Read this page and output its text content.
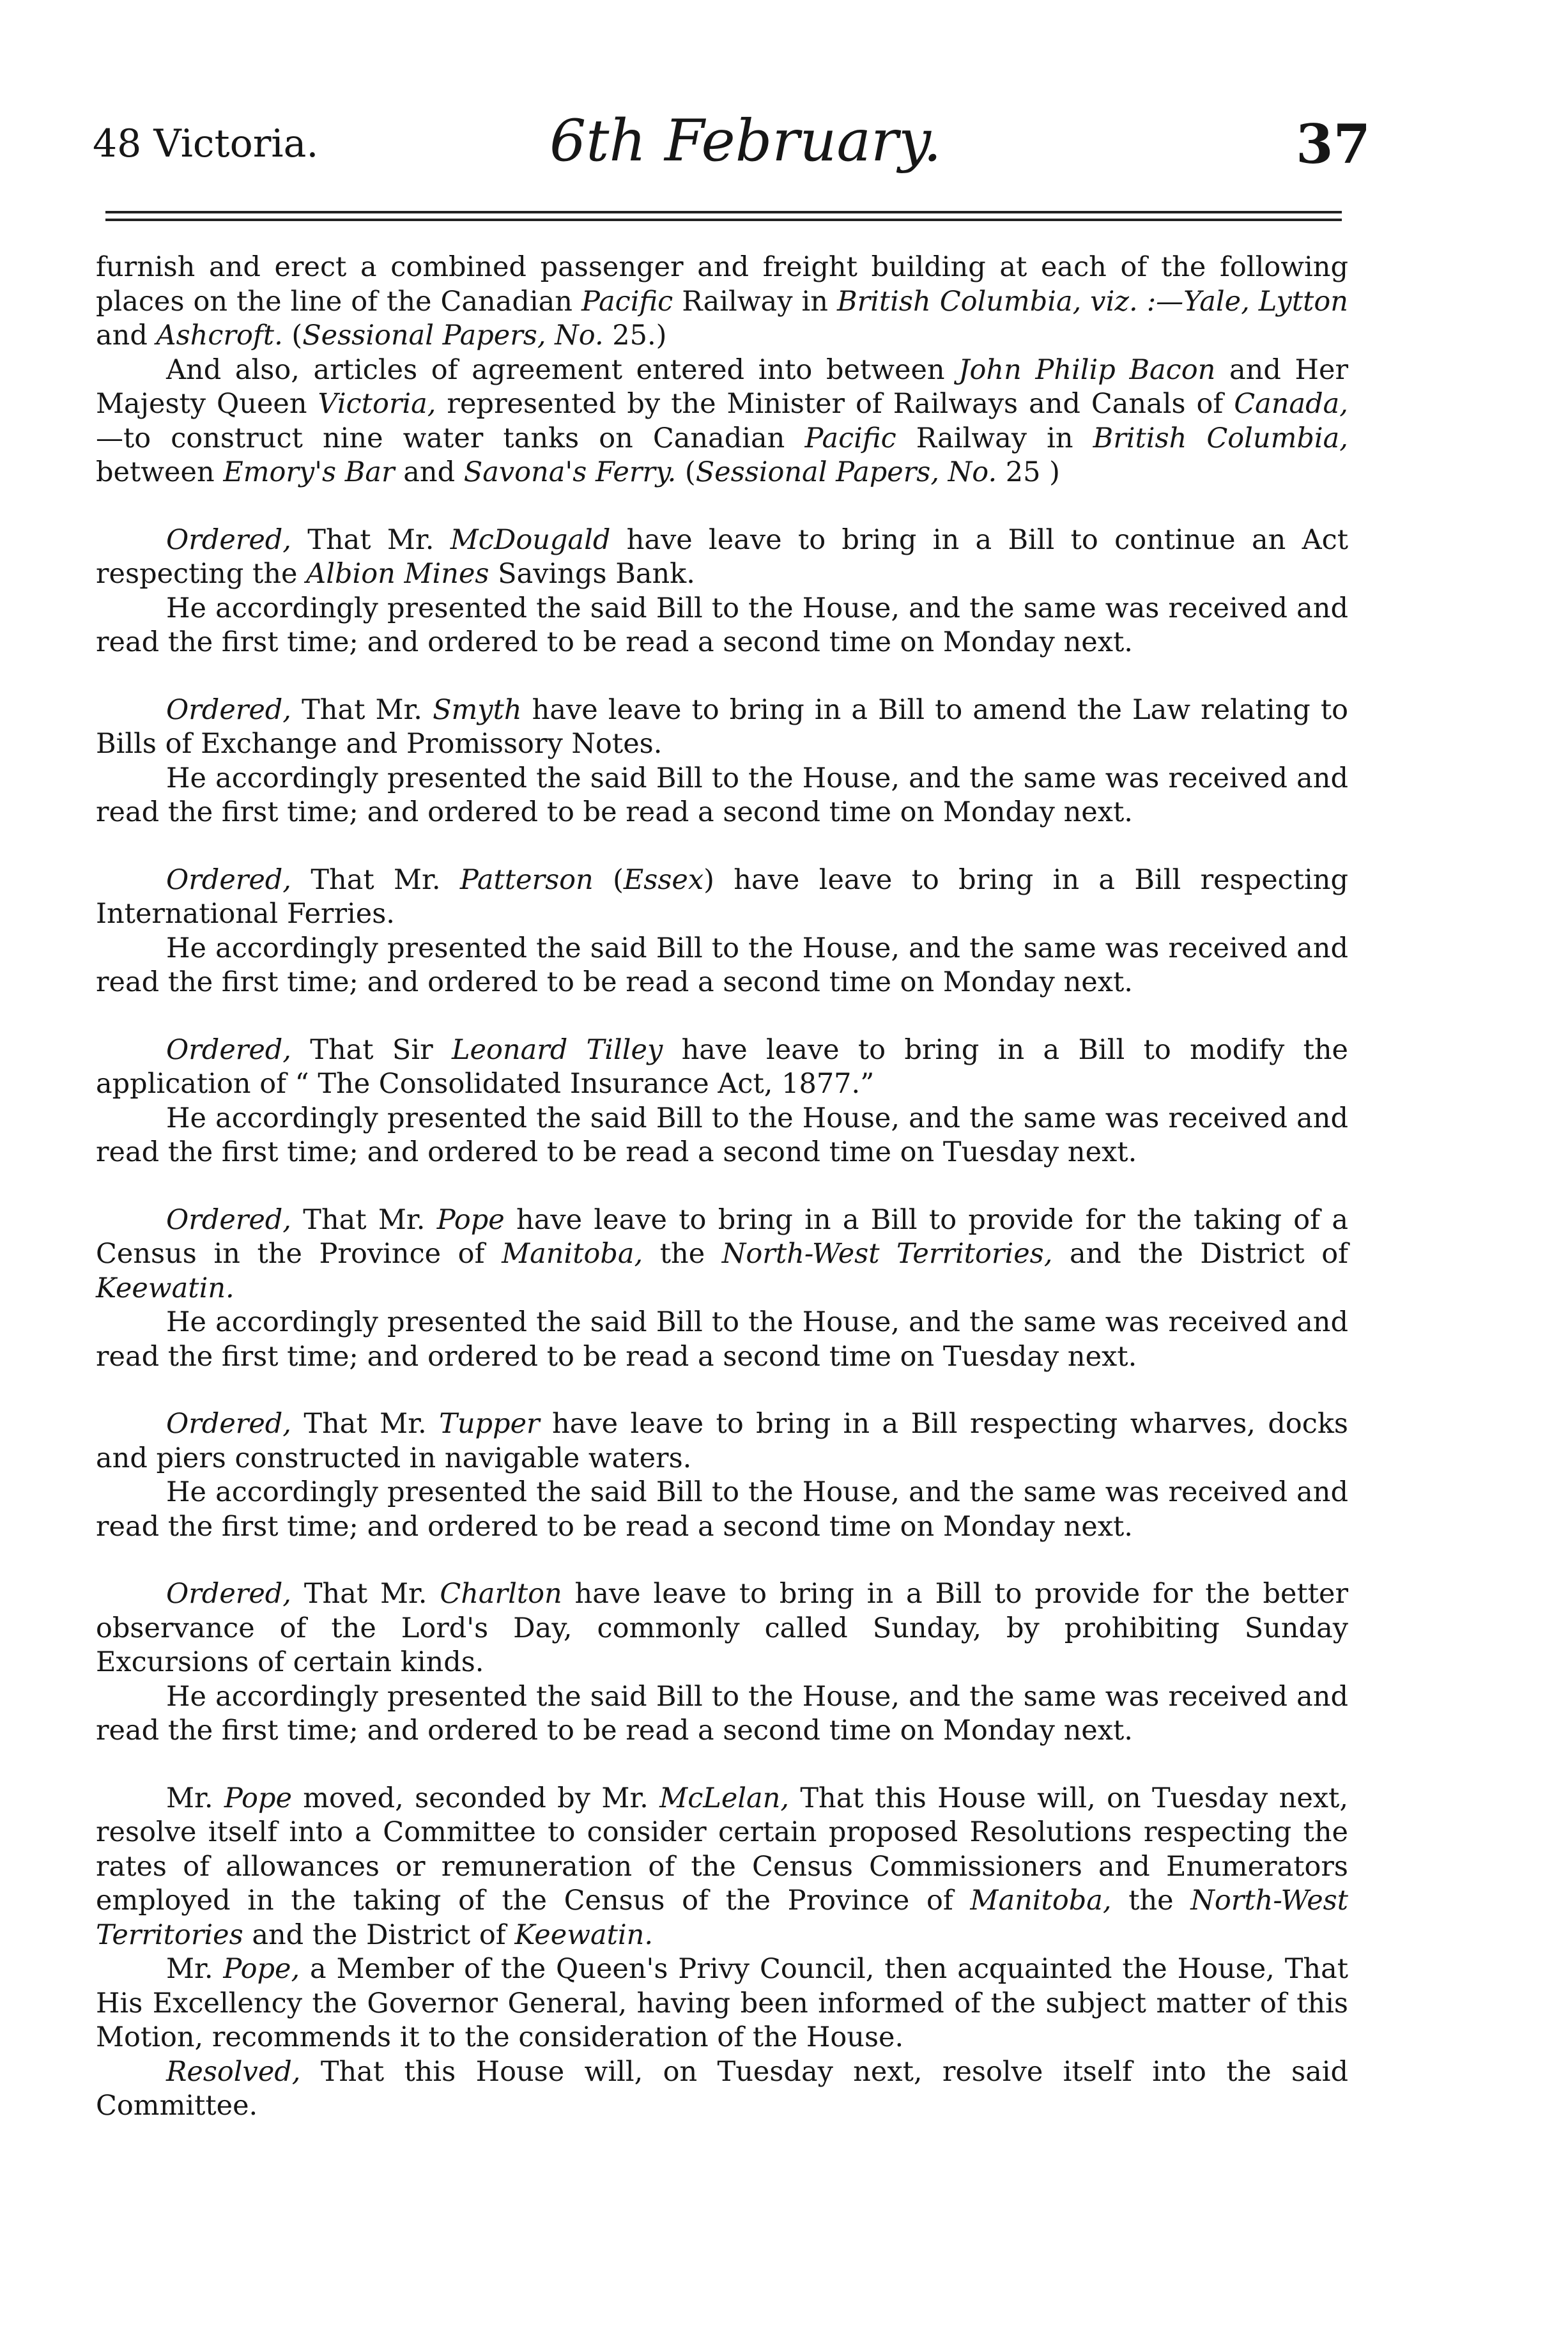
48 Victoria.	6th February.	37

furnish and erect a combined passenger and freight building at each of the following places on the line of the Canadian Pacific Railway in British Columbia, viz. :—Yale, Lytton and Ashcroft. (Sessional Papers, No. 25.)

And also, articles of agreement entered into between John Philip Bacon and Her Majesty Queen Victoria, represented by the Minister of Railways and Canals of Canada,—to construct nine water tanks on Canadian Pacific Railway in British Columbia, between Emory's Bar and Savona's Ferry. (Sessional Papers, No. 25 )

Ordered, That Mr. McDougald have leave to bring in a Bill to continue an Act respecting the Albion Mines Savings Bank.

He accordingly presented the said Bill to the House, and the same was received and read the first time; and ordered to be read a second time on Monday next.

Ordered, That Mr. Smyth have leave to bring in a Bill to amend the Law relating to Bills of Exchange and Promissory Notes.

He accordingly presented the said Bill to the House, and the same was received and read the first time; and ordered to be read a second time on Monday next.

Ordered, That Mr. Patterson (Essex) have leave to bring in a Bill respecting International Ferries.

He accordingly presented the said Bill to the House, and the same was received and read the first time; and ordered to be read a second time on Monday next.

Ordered, That Sir Leonard Tilley have leave to bring in a Bill to modify the application of “ The Consolidated Insurance Act, 1877.”

He accordingly presented the said Bill to the House, and the same was received and read the first time; and ordered to be read a second time on Tuesday next.

Ordered, That Mr. Pope have leave to bring in a Bill to provide for the taking of a Census in the Province of Manitoba, the North-West Territories, and the District of Keewatin.

He accordingly presented the said Bill to the House, and the same was received and read the first time; and ordered to be read a second time on Tuesday next.

Ordered, That Mr. Tupper have leave to bring in a Bill respecting wharves, docks and piers constructed in navigable waters.

He accordingly presented the said Bill to the House, and the same was received and read the first time; and ordered to be read a second time on Monday next.

Ordered, That Mr. Charlton have leave to bring in a Bill to provide for the better observance of the Lord's Day, commonly called Sunday, by prohibiting Sunday Excursions of certain kinds.

He accordingly presented the said Bill to the House, and the same was received and read the first time; and ordered to be read a second time on Monday next.

Mr. Pope moved, seconded by Mr. McLelan, That this House will, on Tuesday next, resolve itself into a Committee to consider certain proposed Resolutions respecting the rates of allowances or remuneration of the Census Commissioners and Enumerators employed in the taking of the Census of the Province of Manitoba, the North-West Territories and the District of Keewatin.

Mr. Pope, a Member of the Queen's Privy Council, then acquainted the House, That His Excellency the Governor General, having been informed of the subject matter of this Motion, recommends it to the consideration of the House.

Resolved, That this House will, on Tuesday next, resolve itself into the said Committee.
